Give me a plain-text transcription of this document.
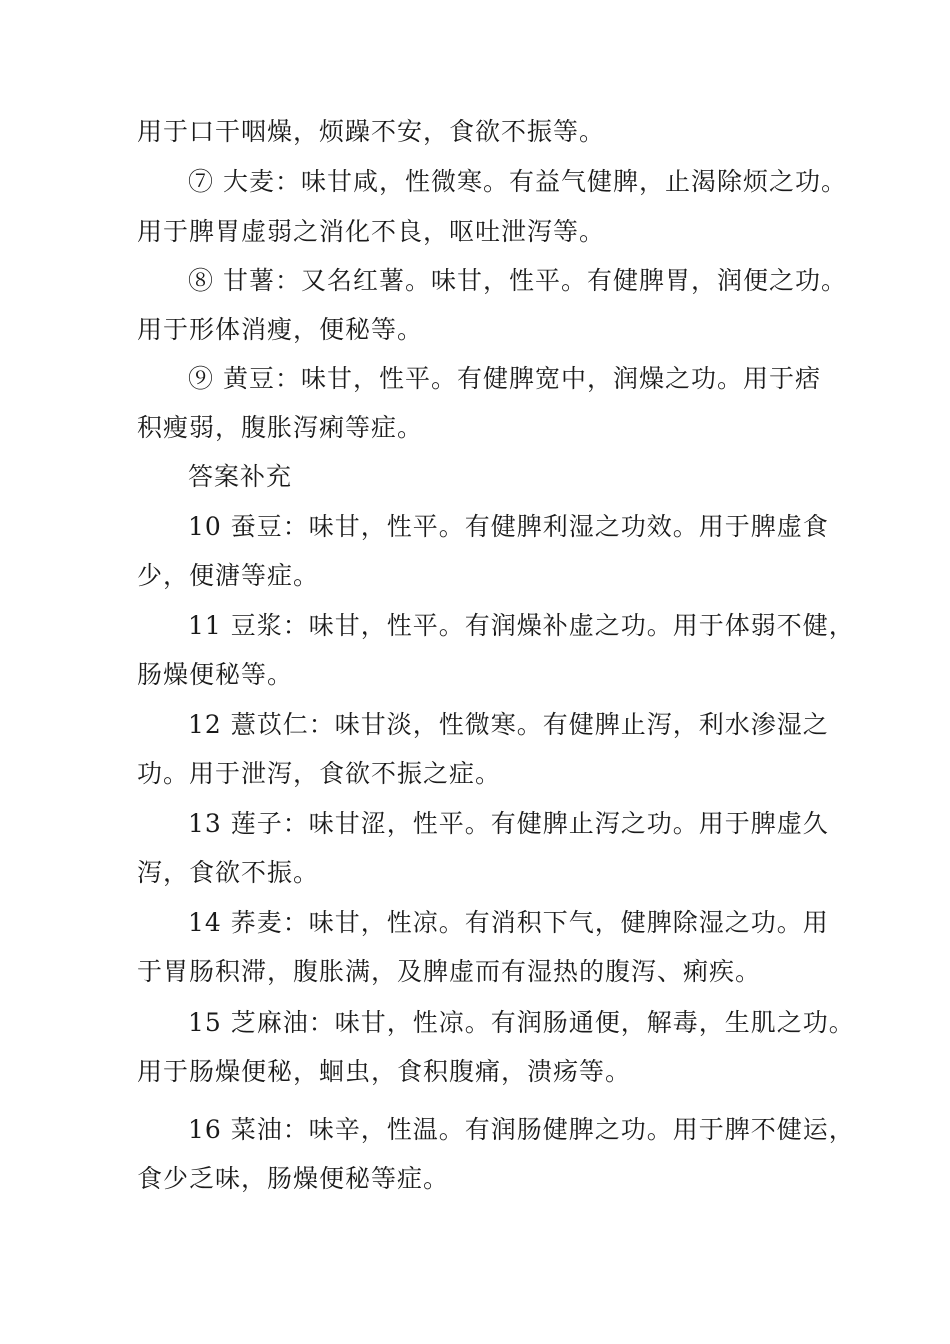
用于口干咽燥，烦躁不安，食欲不振等。
⑦ 大麦：味甘咸，性微寒。有益气健脾，止渴除烦之功。
用于脾胃虚弱之消化不良，呕吐泄泻等。
⑧ 甘薯：又名红薯。味甘，性平。有健脾胃，润便之功。
用于形体消瘦，便秘等。
⑨ 黄豆：味甘，性平。有健脾宽中，润燥之功。用于痞
积瘦弱，腹胀泻痢等症。
答案补充
10 蚕豆：味甘，性平。有健脾利湿之功效。用于脾虚食
少，便溏等症。
11 豆浆：味甘，性平。有润燥补虚之功。用于体弱不健，
肠燥便秘等。
12 薏苡仁：味甘淡，性微寒。有健脾止泻，利水渗湿之
功。用于泄泻，食欲不振之症。
13 莲子：味甘涩，性平。有健脾止泻之功。用于脾虚久
泻，食欲不振。
14 荞麦：味甘，性凉。有消积下气，健脾除湿之功。用
于胃肠积滞，腹胀满，及脾虚而有湿热的腹泻、痢疾。
15 芝麻油：味甘，性凉。有润肠通便，解毒，生肌之功。
用于肠燥便秘，蛔虫，食积腹痛，溃疡等。
16 菜油：味辛，性温。有润肠健脾之功。用于脾不健运，
食少乏味，肠燥便秘等症。
